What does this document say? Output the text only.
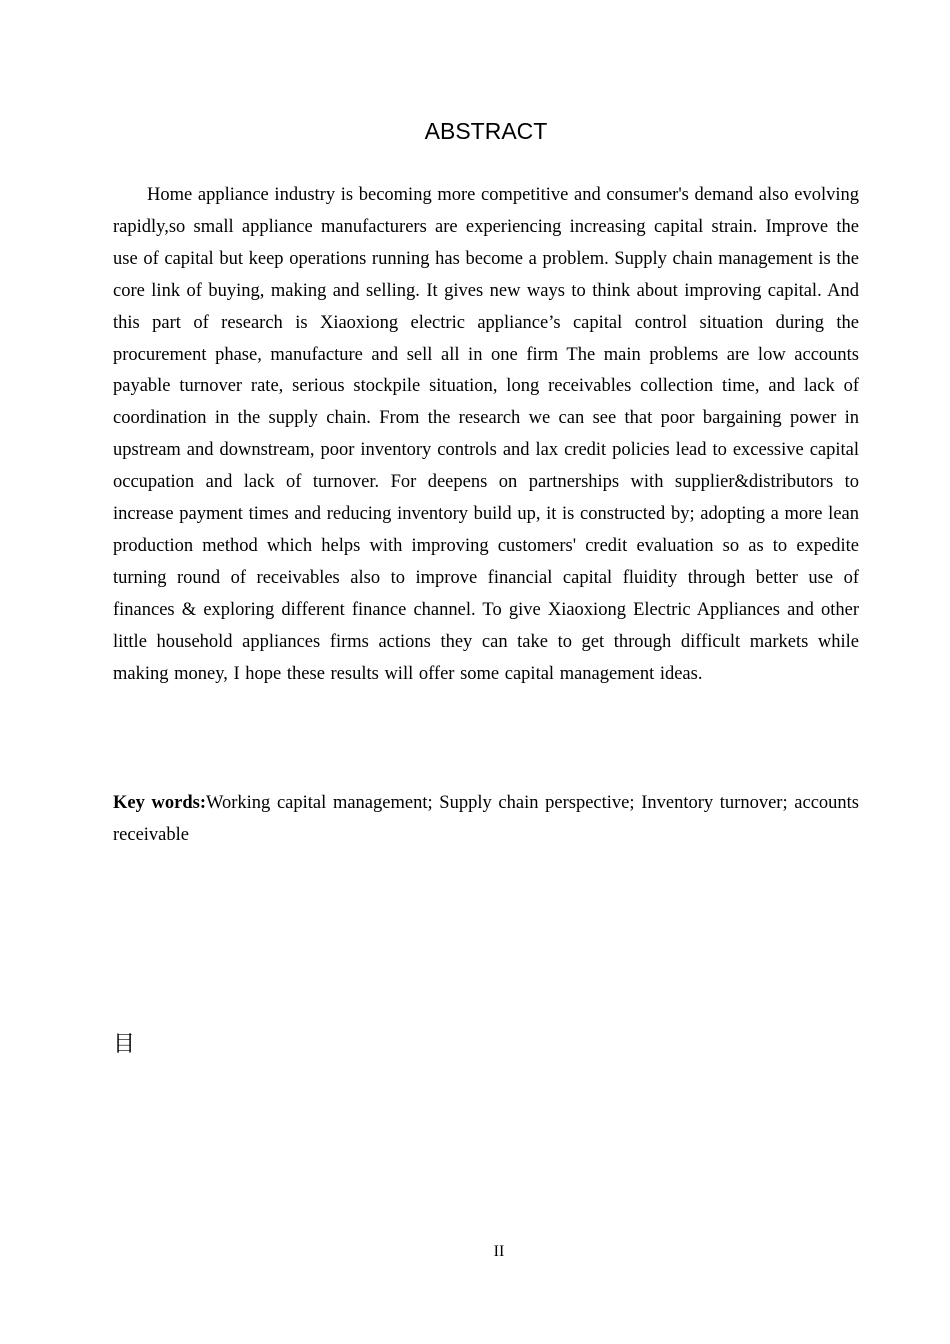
ABSTRACT

Home appliance industry is becoming more competitive and consumer's demand also evolving rapidly,so small appliance manufacturers are experiencing increasing capital strain. Improve the use of capital but keep operations running has become a problem. Supply chain management is the core link of buying, making and selling. It gives new ways to think about improving capital. And this part of research is Xiaoxiong electric appliance’s capital control situation during the procurement phase, manufacture and sell all in one firm The main problems are low accounts payable turnover rate, serious stockpile situation, long receivables collection time, and lack of coordination in the supply chain. From the research we can see that poor bargaining power in upstream and downstream, poor inventory controls and lax credit policies lead to excessive capital occupation and lack of turnover. For deepens on partnerships with supplier&distributors to increase payment times and reducing inventory build up, it is constructed by; adopting a more lean production method which helps with improving customers' credit evaluation so as to expedite turning round of receivables also to improve financial capital fluidity through better use of finances & exploring different finance channel. To give Xiaoxiong Electric Appliances and other little household appliances firms actions they can take to get through difficult markets while making money, I hope these results will offer some capital management ideas.

Key words:Working capital management; Supply chain perspective; Inventory turnover; accounts receivable

目

II
